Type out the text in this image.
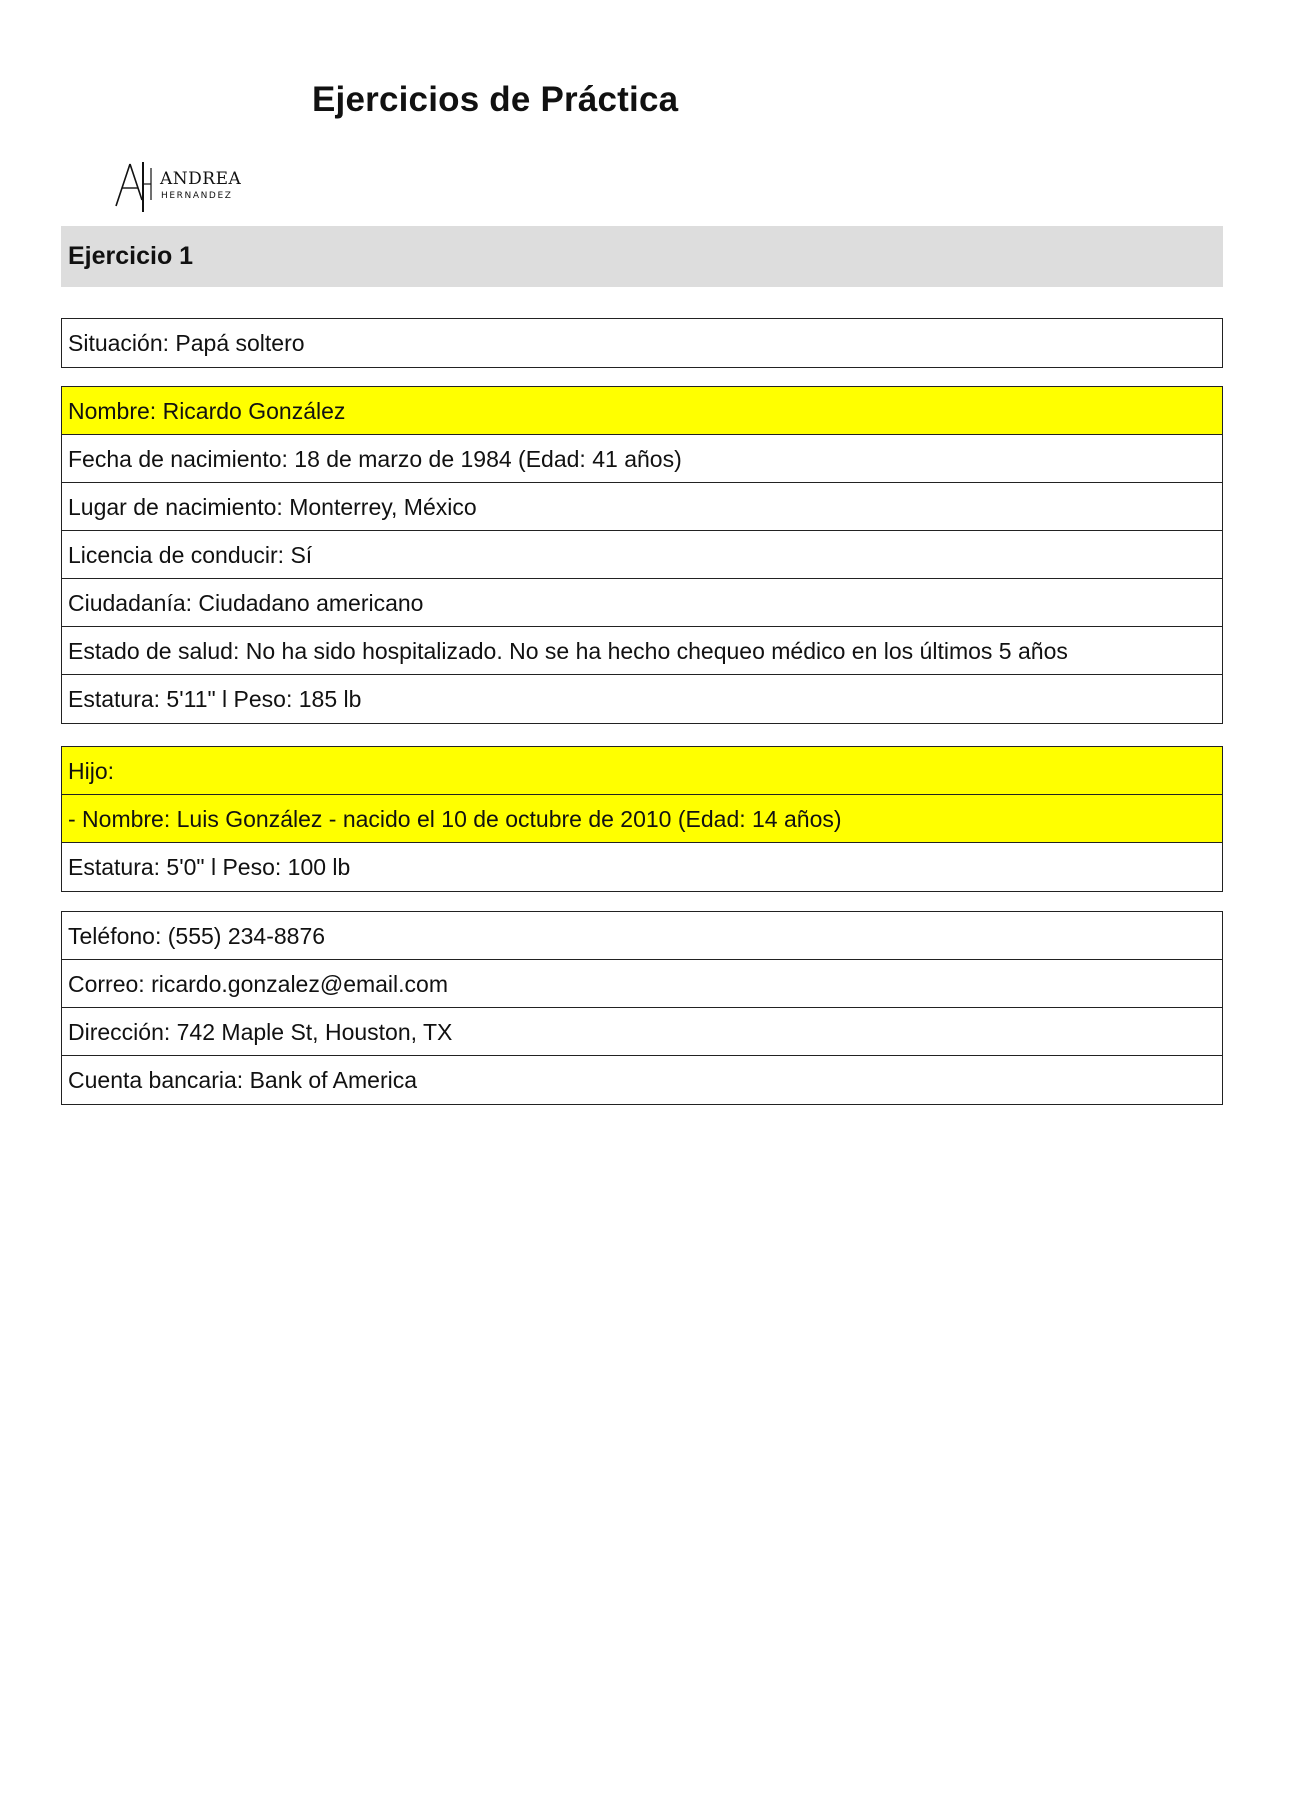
Ejercicios de Práctica
ANDREA
HERNANDEZ
Ejercicio 1
Situación: Papá soltero
Nombre: Ricardo González
Fecha de nacimiento: 18 de marzo de 1984 (Edad: 41 años)
Lugar de nacimiento: Monterrey, México
Licencia de conducir: Sí
Ciudadanía: Ciudadano americano
Estado de salud: No ha sido hospitalizado. No se ha hecho chequeo médico en los últimos 5 años
Estatura: 5'11" l Peso: 185 lb
Hijo:
- Nombre: Luis González - nacido el 10 de octubre de 2010 (Edad: 14 años)
Estatura: 5'0" l Peso: 100 lb
Teléfono: (555) 234-8876
Correo: ricardo.gonzalez@email.com
Dirección: 742 Maple St, Houston, TX
Cuenta bancaria: Bank of America
